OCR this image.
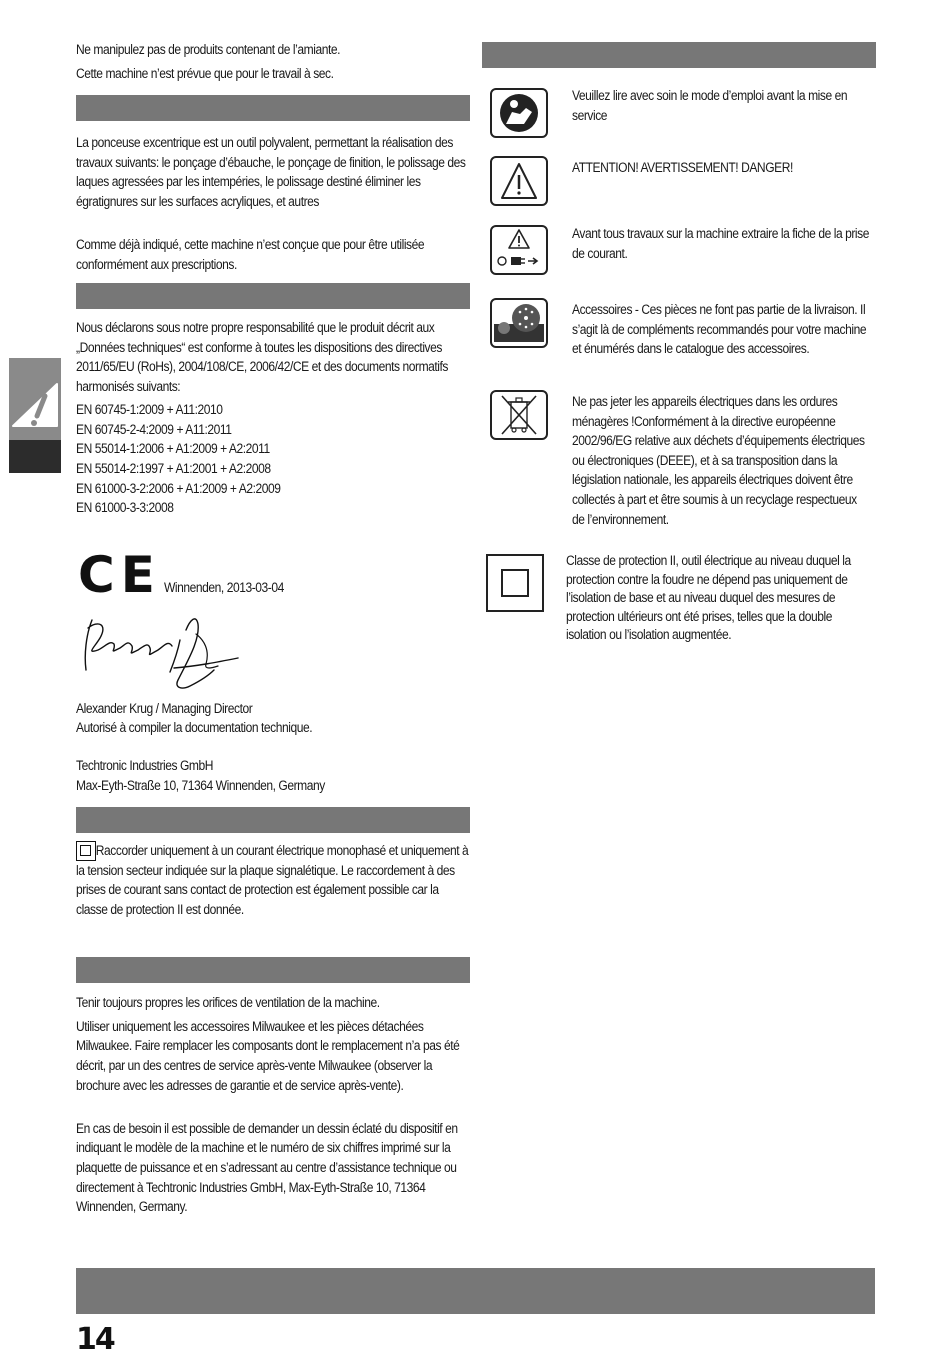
Ne manipulez pas de produits contenant de l’amiante.

Cette machine n’est prévue que pour le travail à sec.

La ponceuse excentrique est un outil polyvalent, permettant la réalisation des travaux suivants: le ponçage d’ébauche, le ponçage de finition, le polissage des laques agressées par les intempéries, le polissage destiné éliminer les égratignures sur les surfaces acryliques, et autres

Comme déjà indiqué, cette machine n’est conçue que pour être utilisée conformément aux prescriptions.

Nous déclarons sous notre propre responsabilité que le produit décrit aux „Données techniques“ est conforme à toutes les dispositions des directives 2011/65/EU (RoHs), 2004/108/CE, 2006/42/CE et des documents normatifs harmonisés suivants:

EN 60745-1:2009 + A11:2010

EN 60745-2-4:2009 + A11:2011

EN 55014-1:2006 + A1:2009 + A2:2011

EN 55014-2:1997 + A1:2001 + A2:2008

EN 61000-3-2:2006 + A1:2009 + A2:2009

EN 61000-3-3:2008

CE Winnenden, 2013-03-04

Alexander Krug / Managing Director

Autorisé à compiler la documentation technique.

Techtronic Industries GmbH

Max-Eyth-Straße 10, 71364 Winnenden, Germany

Raccorder uniquement à un courant électrique monophasé et uniquement à la tension secteur indiquée sur la plaque signalétique. Le raccordement à des prises de courant sans contact de protection est également possible car la classe de protection II est donnée.

Tenir toujours propres les orifices de ventilation de la machine.

Utiliser uniquement les accessoires Milwaukee et les pièces détachées Milwaukee. Faire remplacer les composants dont le remplacement n’a pas été décrit, par un des centres de service après-vente Milwaukee (observer la brochure avec les adresses de garantie et de service après-vente).

En cas de besoin il est possible de demander un dessin éclaté du dispositif en indiquant le modèle de la machine et le numéro de six chiffres imprimé sur la plaquette de puissance et en s’adressant au centre d’assistance technique ou directement à Techtronic Industries GmbH, Max-Eyth-Straße 10, 71364 Winnenden, Germany.

Veuillez lire avec soin le mode d’emploi avant la mise en service

ATTENTION! AVERTISSEMENT! DANGER!

Avant tous travaux sur la machine extraire la fiche de la prise de courant.

Accessoires - Ces pièces ne font pas partie de la livraison. Il s’agit là de compléments recommandés pour votre machine et énumérés dans le catalogue des accessoires.

Ne pas jeter les appareils électriques dans les ordures ménagères !Conformément à la directive européenne 2002/96/EG relative aux déchets d’équipements électriques ou électroniques (DEEE), et à sa transposition dans la législation nationale, les appareils électriques doivent être collectés à part et être soumis à un recyclage respectueux de l’environnement.

Classe de protection II, outil électrique au niveau duquel la protection contre la foudre ne dépend pas uniquement de l’isolation de base et au niveau duquel des mesures de protection ultérieurs ont été prises, telles que la double isolation ou l’isolation augmentée.

14
